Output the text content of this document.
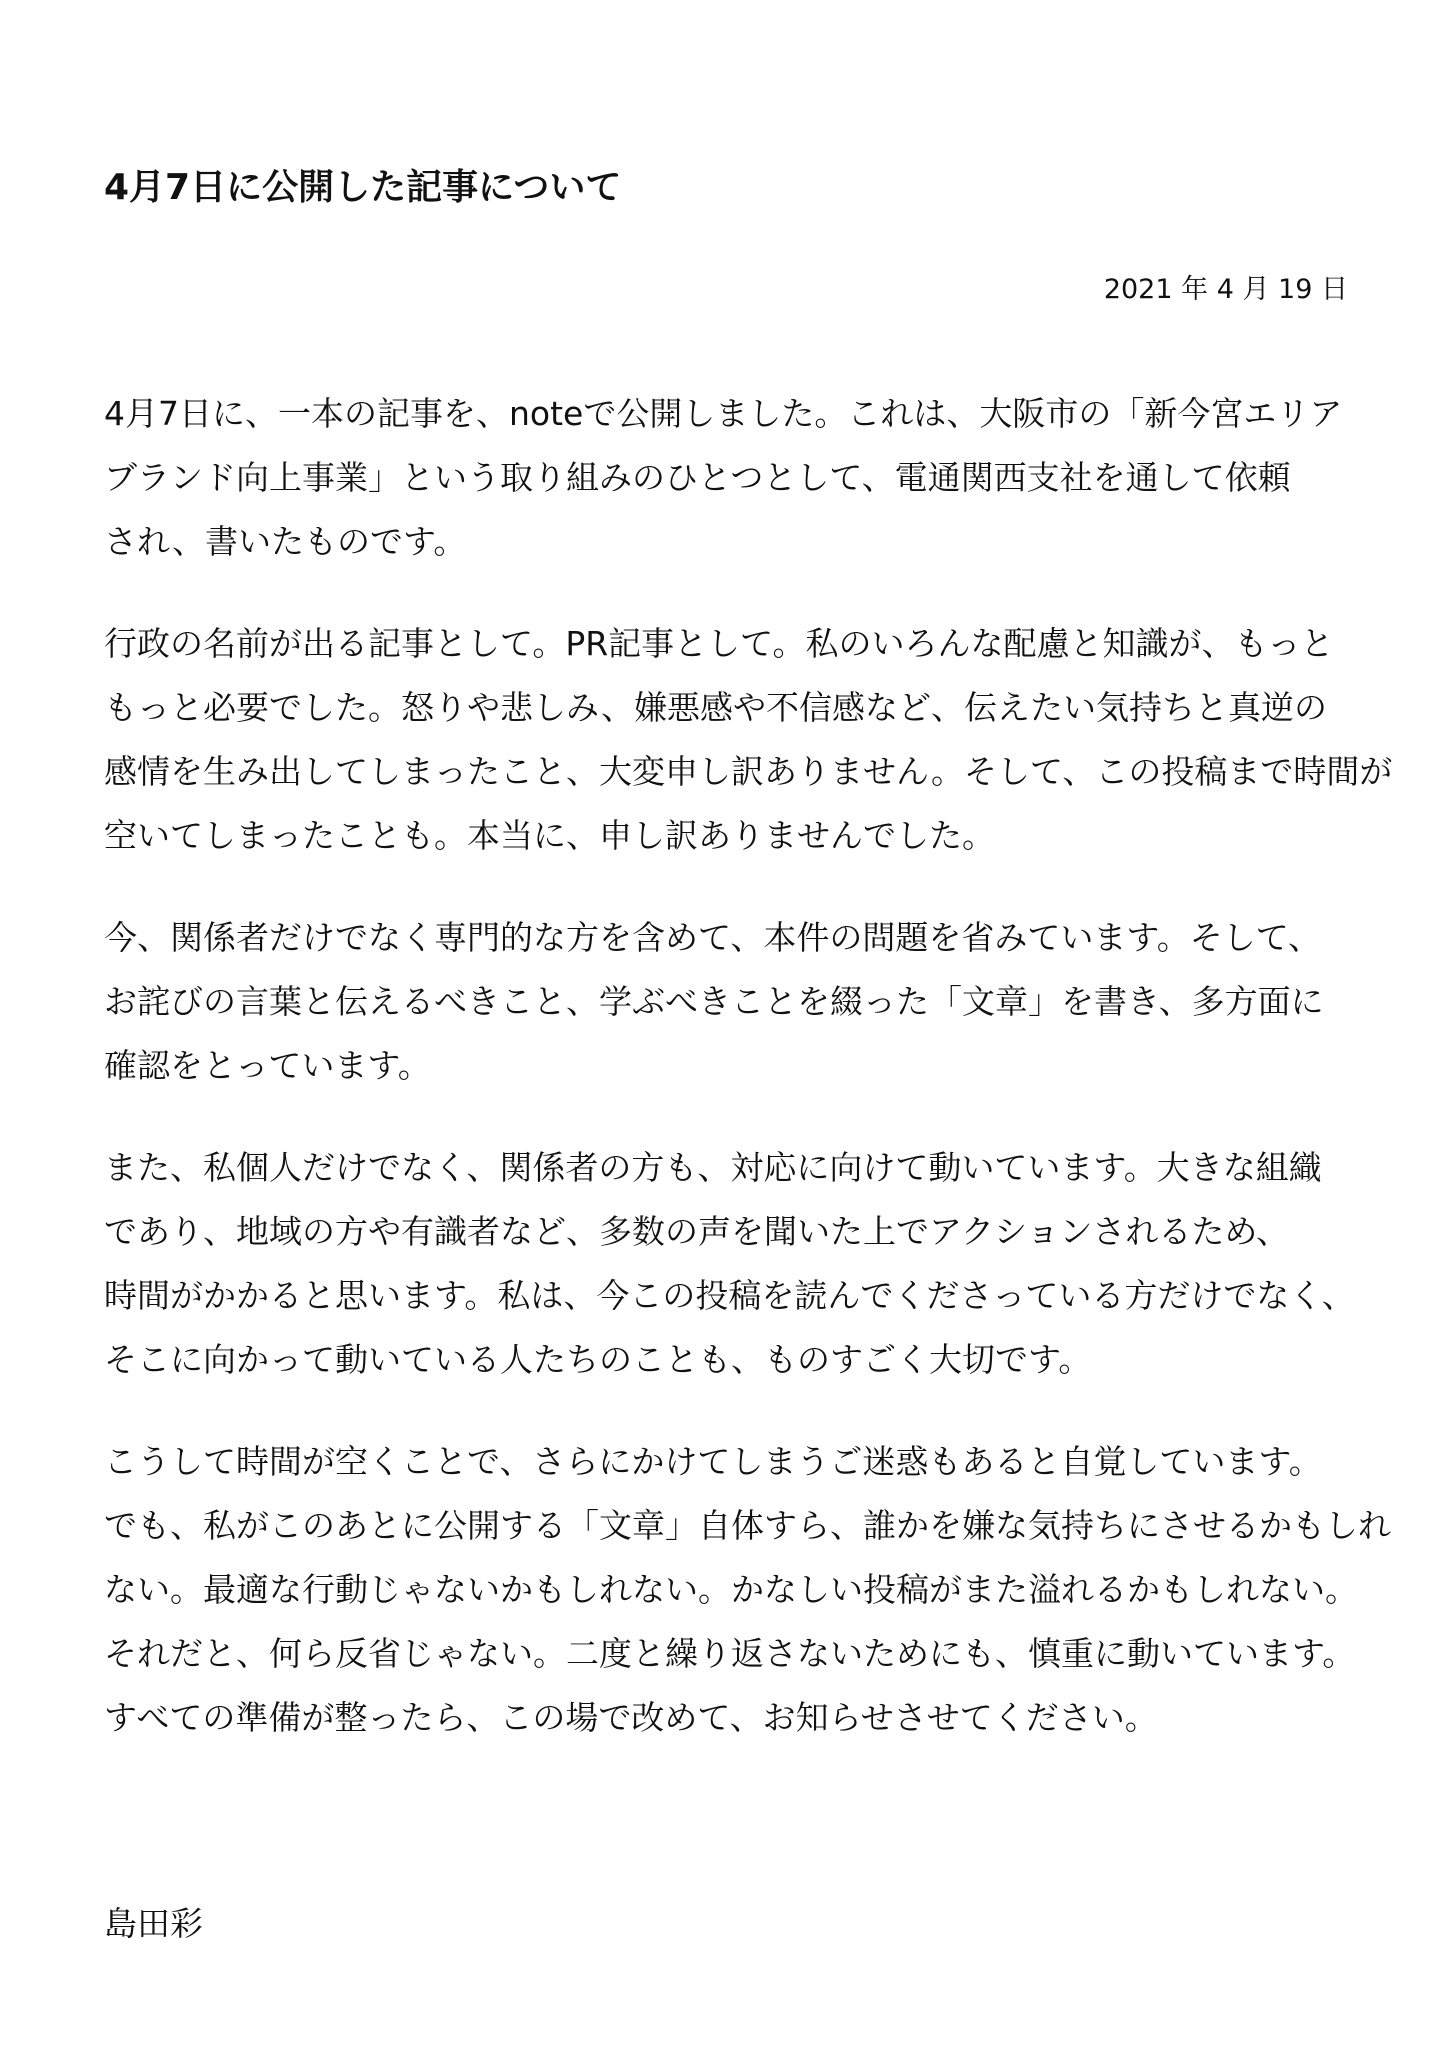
4月7日に公開した記事について

2021 年 4 月 19 日

4月7日に、一本の記事を、noteで公開しました。これは、大阪市の「新今宮エリア
ブランド向上事業」という取り組みのひとつとして、電通関西支社を通して依頼
され、書いたものです。
行政の名前が出る記事として。PR記事として。私のいろんな配慮と知識が、もっと
もっと必要でした。怒りや悲しみ、嫌悪感や不信感など、伝えたい気持ちと真逆の
感情を生み出してしまったこと、大変申し訳ありません。そして、この投稿まで時間が
空いてしまったことも。本当に、申し訳ありませんでした。
今、関係者だけでなく専門的な方を含めて、本件の問題を省みています。そして、
お詫びの言葉と伝えるべきこと、学ぶべきことを綴った「文章」を書き、多方面に
確認をとっています。
また、私個人だけでなく、関係者の方も、対応に向けて動いています。大きな組織
であり、地域の方や有識者など、多数の声を聞いた上でアクションされるため、
時間がかかると思います。私は、今この投稿を読んでくださっている方だけでなく、
そこに向かって動いている人たちのことも、ものすごく大切です。
こうして時間が空くことで、さらにかけてしまうご迷惑もあると自覚しています。
でも、私がこのあとに公開する「文章」自体すら、誰かを嫌な気持ちにさせるかもしれ
ない。最適な行動じゃないかもしれない。かなしい投稿がまた溢れるかもしれない。
それだと、何ら反省じゃない。二度と繰り返さないためにも、慎重に動いています。
すべての準備が整ったら、この場で改めて、お知らせさせてください。

島田彩
